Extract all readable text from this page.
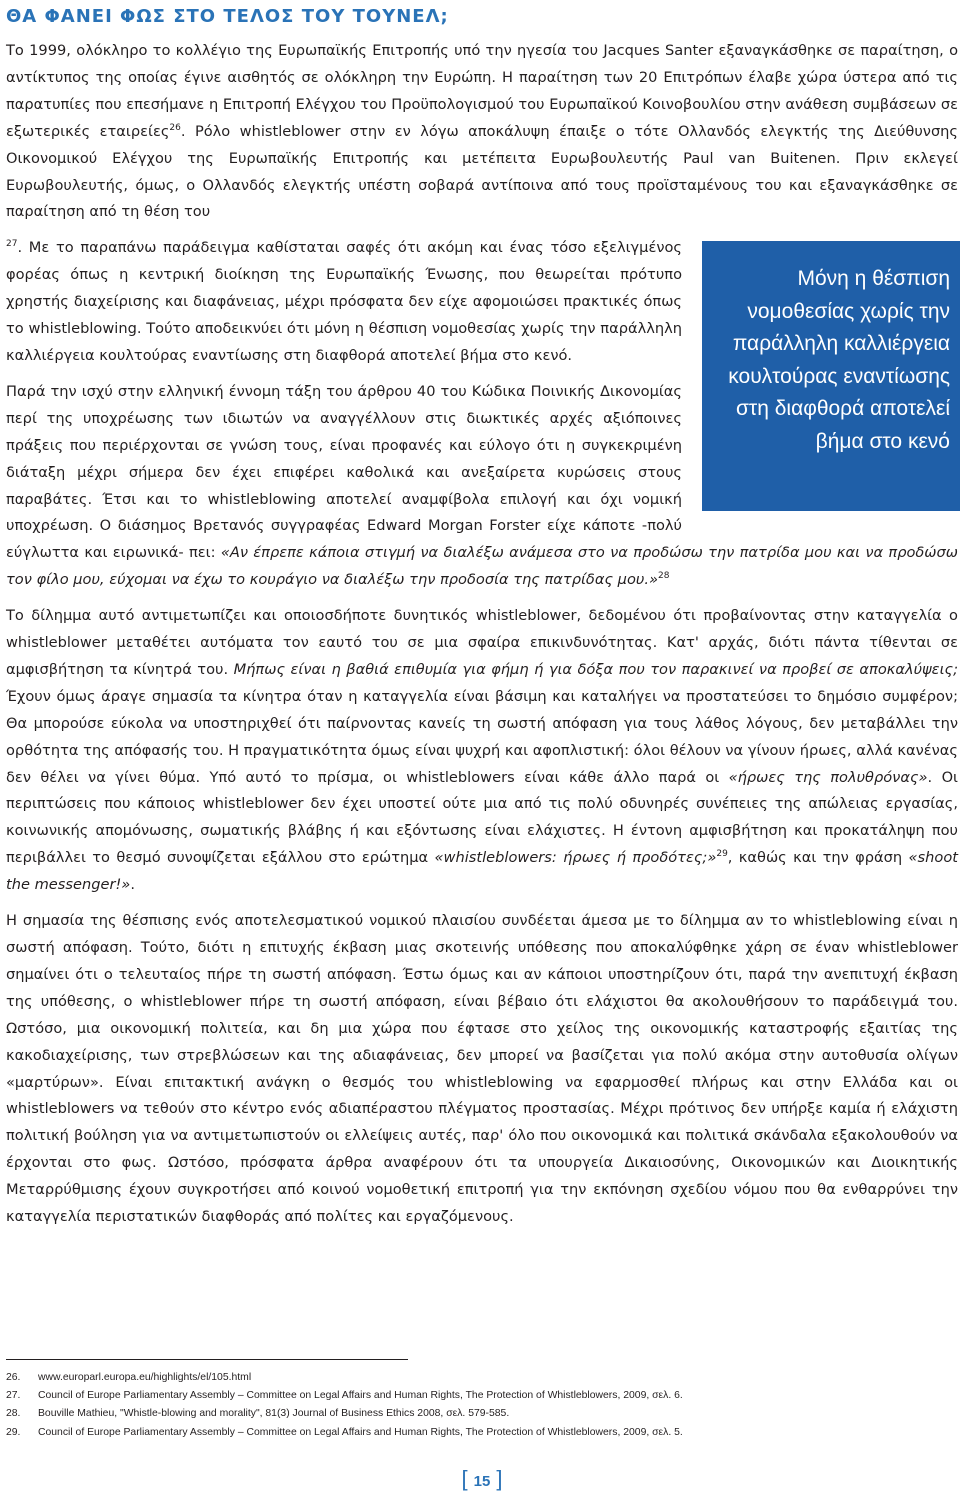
ΘΑ ΦΑΝΕΙ ΦΩΣ ΣΤΟ ΤΕΛΟΣ ΤΟΥ ΤΟΥΝΕΛ;

Το 1999, ολόκληρο το κολλέγιο της Ευρωπαϊκής Επιτροπής υπό την ηγεσία του Jacques Santer εξαναγκάσθηκε σε παραίτηση, ο αντίκτυπος της οποίας έγινε αισθητός σε ολόκληρη την Ευρώπη. Η παραίτηση των 20 Επιτρόπων έλαβε χώρα ύστερα από τις παρατυπίες που επεσήμανε η Επιτροπή Ελέγχου του Προϋπολογισμού του Ευρωπαϊκού Κοινοβουλίου στην ανάθεση συμβάσεων σε εξωτερικές εταιρείες$^{26}$. Ρόλο whistleblower στην εν λόγω αποκάλυψη έπαιξε ο τότε Ολλανδός ελεγκτής της Διεύθυνσης Οικονομικού Ελέγχου της Ευρωπαϊκής Επιτροπής και μετέπειτα Ευρωβουλευτής Paul van Buitenen. Πριν εκλεγεί Ευρωβουλευτής, όμως, ο Ολλανδός ελεγκτής υπέστη σοβαρά αντίποινα από τους προϊσταμένους του και εξαναγκάσθηκε σε παραίτηση από τη θέση του

Μόνη η θέσπιση νομοθεσίας χωρίς την παράλληλη καλλιέργεια κουλτούρας εναντίωσης στη διαφθορά αποτελεί βήμα στο κενό
$^{27}$. Με το παραπάνω παράδειγμα καθίσταται σαφές ότι ακόμη και ένας τόσο εξελιγμένος φορέας όπως η κεντρική διοίκηση της Ευρωπαϊκής Ένωσης, που θεωρείται πρότυπο χρηστής διαχείρισης και διαφάνειας, μέχρι πρόσφατα δεν είχε αφομοιώσει πρακτικές όπως το whistleblowing. Τούτο αποδεικνύει ότι μόνη η θέσπιση νομοθεσίας χωρίς την παράλληλη καλλιέργεια κουλτούρας εναντίωσης στη διαφθορά αποτελεί βήμα στο κενό.

Παρά την ισχύ στην ελληνική έννομη τάξη του άρθρου 40 του Κώδικα Ποινικής Δικονομίας περί της υποχρέωσης των ιδιωτών να αναγγέλλουν στις διωκτικές αρχές αξιόποινες πράξεις που περιέρχονται σε γνώση τους, είναι προφανές και εύλογο ότι η συγκεκριμένη διάταξη μέχρι σήμερα δεν έχει επιφέρει καθολικά και ανεξαίρετα κυρώσεις στους παραβάτες. Έτσι και το whistleblowing αποτελεί αναμφίβολα επιλογή και όχι νομική υποχρέωση. Ο διάσημος Βρετανός συγγραφέας Edward Morgan Forster είχε κάποτε -πολύ εύγλωττα και ειρωνικά- πει: «Αν έπρεπε κάποια στιγμή να διαλέξω ανάμεσα στο να προδώσω την πατρίδα μου και να προδώσω τον φίλο μου, εύχομαι να έχω το κουράγιο να διαλέξω την προδοσία της πατρίδας μου.»$^{28}$

Το δίλημμα αυτό αντιμετωπίζει και οποιοσδήποτε δυνητικός whistleblower, δεδομένου ότι προβαίνοντας στην καταγγελία ο whistleblower μεταθέτει αυτόματα τον εαυτό του σε μια σφαίρα επικινδυνότητας. Κατ' αρχάς, διότι πάντα τίθενται σε αμφισβήτηση τα κίνητρά του. Μήπως είναι η βαθιά επιθυμία για φήμη ή για δόξα που τον παρακινεί να προβεί σε αποκαλύψεις; Έχουν όμως άραγε σημασία τα κίνητρα όταν η καταγγελία είναι βάσιμη και καταλήγει να προστατεύσει το δημόσιο συμφέρον; Θα μπορούσε εύκολα να υποστηριχθεί ότι παίρνοντας κανείς τη σωστή απόφαση για τους λάθος λόγους, δεν μεταβάλλει την ορθότητα της απόφασής του. Η πραγματικότητα όμως είναι ψυχρή και αφοπλιστική: όλοι θέλουν να γίνουν ήρωες, αλλά κανένας δεν θέλει να γίνει θύμα. Υπό αυτό το πρίσμα, οι whistleblowers είναι κάθε άλλο παρά οι «ήρωες της πολυθρόνας». Οι περιπτώσεις που κάποιος whistleblower δεν έχει υποστεί ούτε μια από τις πολύ οδυνηρές συνέπειες της απώλειας εργασίας, κοινωνικής απομόνωσης, σωματικής βλάβης ή και εξόντωσης είναι ελάχιστες. Η έντονη αμφισβήτηση και προκατάληψη που περιβάλλει το θεσμό συνοψίζεται εξάλλου στο ερώτημα «whistleblowers: ήρωες ή προδότες;»$^{29}$, καθώς και την φράση «shoot the messenger!».

Η σημασία της θέσπισης ενός αποτελεσματικού νομικού πλαισίου συνδέεται άμεσα με το δίλημμα αν το whistleblowing είναι η σωστή απόφαση. Τούτο, διότι η επιτυχής έκβαση μιας σκοτεινής υπόθεσης που αποκαλύφθηκε χάρη σε έναν whistleblower σημαίνει ότι ο τελευταίος πήρε τη σωστή απόφαση. Έστω όμως και αν κάποιοι υποστηρίζουν ότι, παρά την ανεπιτυχή έκβαση της υπόθεσης, ο whistleblower πήρε τη σωστή απόφαση, είναι βέβαιο ότι ελάχιστοι θα ακολουθήσουν το παράδειγμά του. Ωστόσο, μια οικονομική πολιτεία, και δη μια χώρα που έφτασε στο χείλος της οικονομικής καταστροφής εξαιτίας της κακοδιαχείρισης, των στρεβλώσεων και της αδιαφάνειας, δεν μπορεί να βασίζεται για πολύ ακόμα στην αυτοθυσία ολίγων «μαρτύρων». Είναι επιτακτική ανάγκη ο θεσμός του whistleblowing να εφαρμοσθεί πλήρως και στην Ελλάδα και οι whistleblowers να τεθούν στο κέντρο ενός αδιαπέραστου πλέγματος προστασίας. Μέχρι πρότινος δεν υπήρξε καμία ή ελάχιστη πολιτική βούληση για να αντιμετωπιστούν οι ελλείψεις αυτές, παρ' όλο που οικονομικά και πολιτικά σκάνδαλα εξακολουθούν να έρχονται στο φως. Ωστόσο, πρόσφατα άρθρα αναφέρουν ότι τα υπουργεία Δικαιοσύνης, Οικονομικών και Διοικητικής Μεταρρύθμισης έχουν συγκροτήσει από κοινού νομοθετική επιτροπή για την εκπόνηση σχεδίου νόμου που θα ενθαρρύνει την καταγγελία περιστατικών διαφθοράς από πολίτες και εργαζόμενους.

26.	www.europarl.europa.eu/highlights/el/105.html
27.	Council of Europe Parliamentary Assembly – Committee on Legal Affairs and Human Rights, The Protection of Whistleblowers, 2009, σελ. 6.
28.	Bouville Mathieu, "Whistle-blowing and morality", 81(3) Journal of Business Ethics 2008, σελ. 579-585.
29.	Council of Europe Parliamentary Assembly – Committee on Legal Affairs and Human Rights, The Protection of Whistleblowers, 2009, σελ. 5.
[ 15 ]
